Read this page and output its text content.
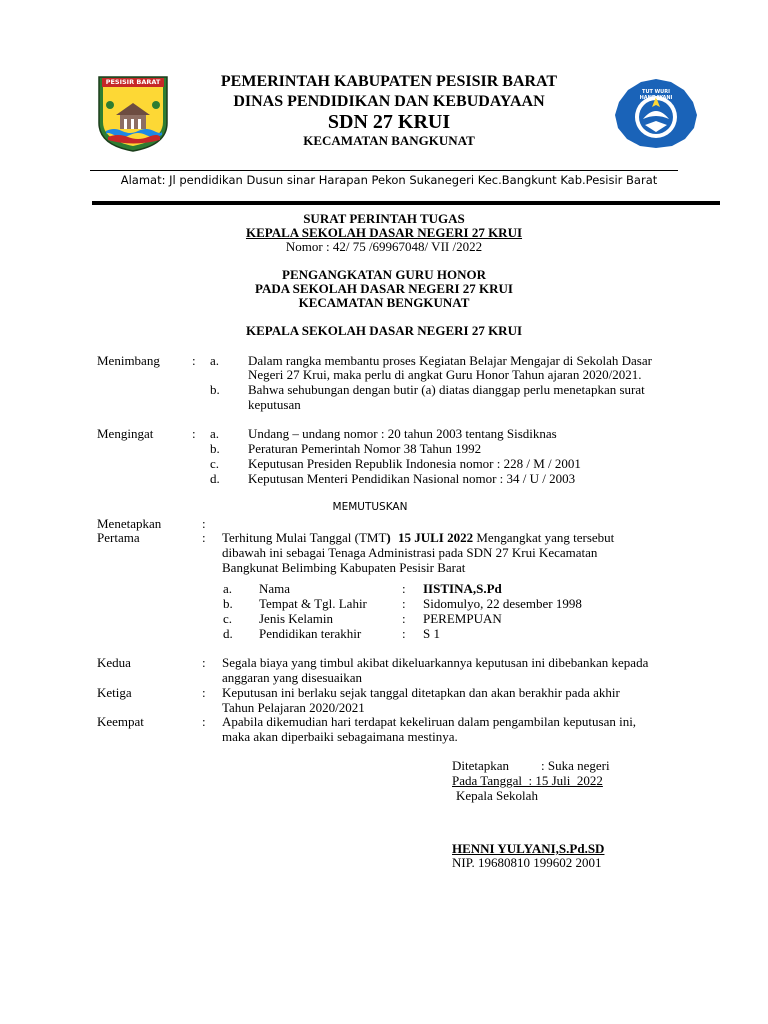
PESISIR BARAT
TUT WURI HANDAYANI
PEMERINTAH KABUPATEN PESISIR BARAT
DINAS PENDIDIKAN DAN KEBUDAYAAN
SDN 27 KRUI
KECAMATAN BANGKUNAT
Alamat: Jl pendidikan Dusun sinar Harapan Pekon Sukanegeri Kec.Bangkunt Kab.Pesisir Barat
SURAT PERINTAH TUGAS
KEPALA SEKOLAH DASAR NEGERI 27 KRUI
Nomor : 42/ 75 /69967048/ VII /2022
PENGANGKATAN GURU HONOR
PADA SEKOLAH DASAR NEGERI 27 KRUI
KECAMATAN BENGKUNAT
KEPALA SEKOLAH DASAR NEGERI 27 KRUI
Menimbang : a. Dalam rangka membantu proses Kegiatan Belajar Mengajar di Sekolah Dasar
Negeri 27 Krui, maka perlu di angkat Guru Honor Tahun ajaran 2020/2021.
b. Bahwa sehubungan dengan butir (a) diatas dianggap perlu menetapkan surat
keputusan
Mengingat	: a. Undang – undang nomor : 20 tahun 2003 tentang Sisdiknas
b. Peraturan Pemerintah Nomor 38 Tahun 1992
c. Keputusan Presiden Republik Indonesia nomor : 228 / M / 2001
d. Keputusan Menteri Pendidikan Nasional nomor : 34 / U / 2003
MEMUTUSKAN
Menetapkan	:
Pertama	: Terhitung Mulai Tanggal (TMT) 15 JULI 2022 Mengangkat yang tersebut
dibawah ini sebagai Tenaga Administrasi pada SDN 27 Krui Kecamatan
Bangkunat Belimbing Kabupaten Pesisir Barat
a. Nama	: IISTINA,S.Pd
b. Tempat & Tgl. Lahir	: Sidomulyo, 22 desember 1998
c. Jenis Kelamin	: PEREMPUAN
d. Pendidikan terakhir	: S 1
Kedua	: Segala biaya yang timbul akibat dikeluarkannya keputusan ini dibebankan kepada
anggaran yang disesuaikan
Ketiga	: Keputusan ini berlaku sejak tanggal ditetapkan dan akan berakhir pada akhir
Tahun Pelajaran 2020/2021
Keempat	: Apabila dikemudian hari terdapat kekeliruan dalam pengambilan keputusan ini,
maka akan diperbaiki sebagaimana mestinya.
Ditetapkan : Suka negeri
Pada Tanggal  : 15 Juli  2022
Kepala Sekolah
HENNI YULYANI,S.Pd.SD
NIP. 19680810 199602 2001
